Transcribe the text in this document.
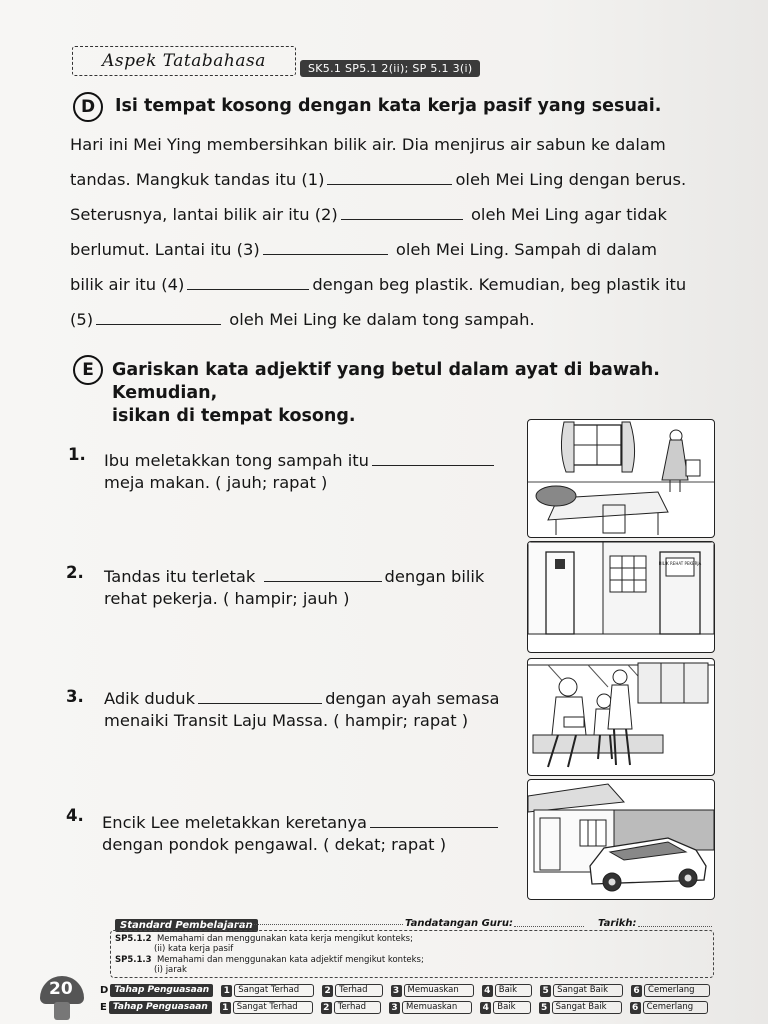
Aspek Tatabahasa	SK5.1 SP5.1 2(ii); SP 5.1 3(i)
D	Isi tempat kosong dengan kata kerja pasif yang sesuai.
Hari ini Mei Ying membersihkan bilik air. Dia menjirus air sabun ke dalam
tandas. Mangkuk tandas itu (1)	oleh Mei Ling dengan berus.
Seterusnya, lantai bilik air itu (2)	oleh Mei Ling agar tidak
berlumut. Lantai itu (3)	oleh Mei Ling. Sampah di dalam
bilik air itu (4)	dengan beg plastik. Kemudian, beg plastik itu
(5)	oleh Mei Ling ke dalam tong sampah.
E	Gariskan kata adjektif yang betul dalam ayat di bawah. Kemudian,
isikan di tempat kosong.
1. Ibu meletakkan tong sampah itu
meja makan. ( jauh; rapat )
2. Tandas itu terletak	dengan bilik
rehat pekerja. ( hampir; jauh )
3. Adik duduk	dengan ayah semasa
menaiki Transit Laju Massa. ( hampir; rapat )
4. Encik Lee meletakkan keretanya
dengan pondok pengawal. ( dekat; rapat )
BILIK REHAT PEKERJA
Standard Pembelajaran	Tandatangan Guru:	Tarikh:
SP5.1.2 Memahami dan menggunakan kata kerja mengikut konteks;
(ii) kata kerja pasif
SP5.1.3 Memahami dan menggunakan kata adjektif mengikut konteks;
(i) jarak
20	D Tahap Penguasaan	1 Sangat Terhad	2 Terhad	3 Memuaskan	4 Baik	5 Sangat Baik	6 Cemerlang
E Tahap Penguasaan	1 Sangat Terhad	2 Terhad	3 Memuaskan	4 Baik	5 Sangat Baik	6 Cemerlang
